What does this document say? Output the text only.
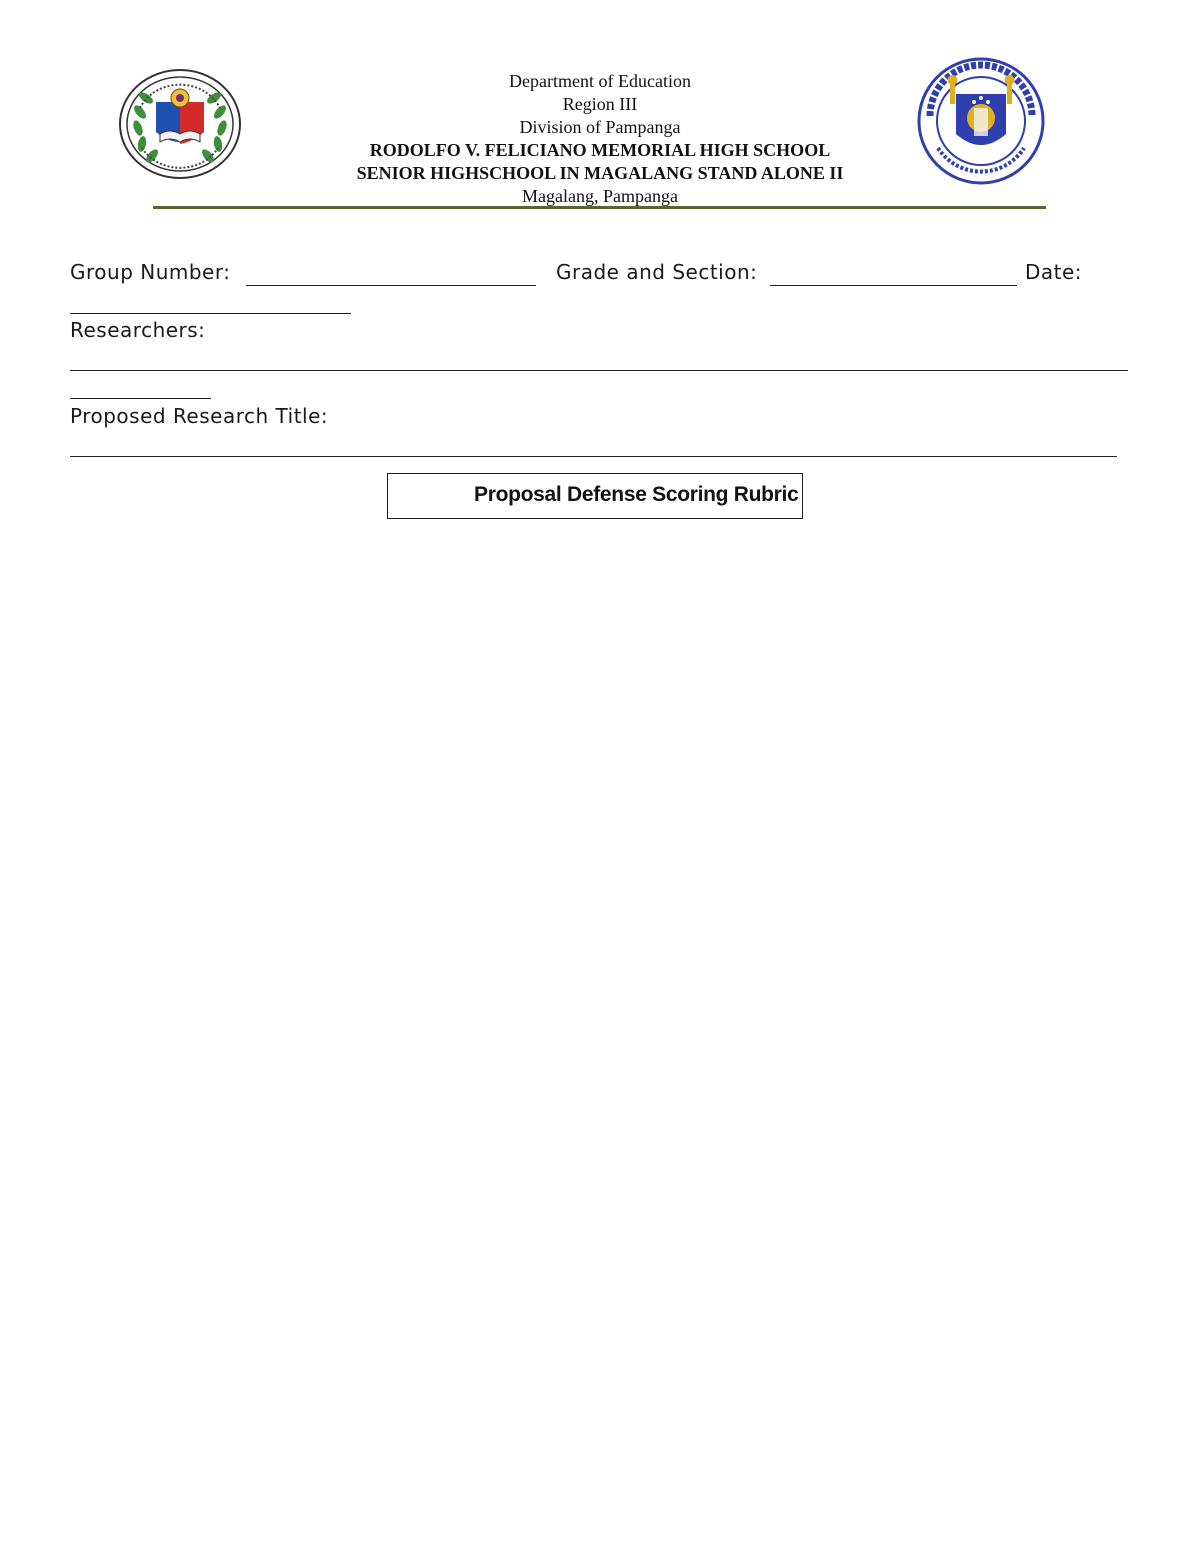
Department of Education
Region III
Division of Pampanga
RODOLFO V. FELICIANO MEMORIAL HIGH SCHOOL
SENIOR HIGHSCHOOL IN MAGALANG STAND ALONE II
Magalang, Pampanga
Group Number:	Grade and Section:	Date:
Researchers:
Proposed Research Title:
Proposal Defense Scoring Rubric
